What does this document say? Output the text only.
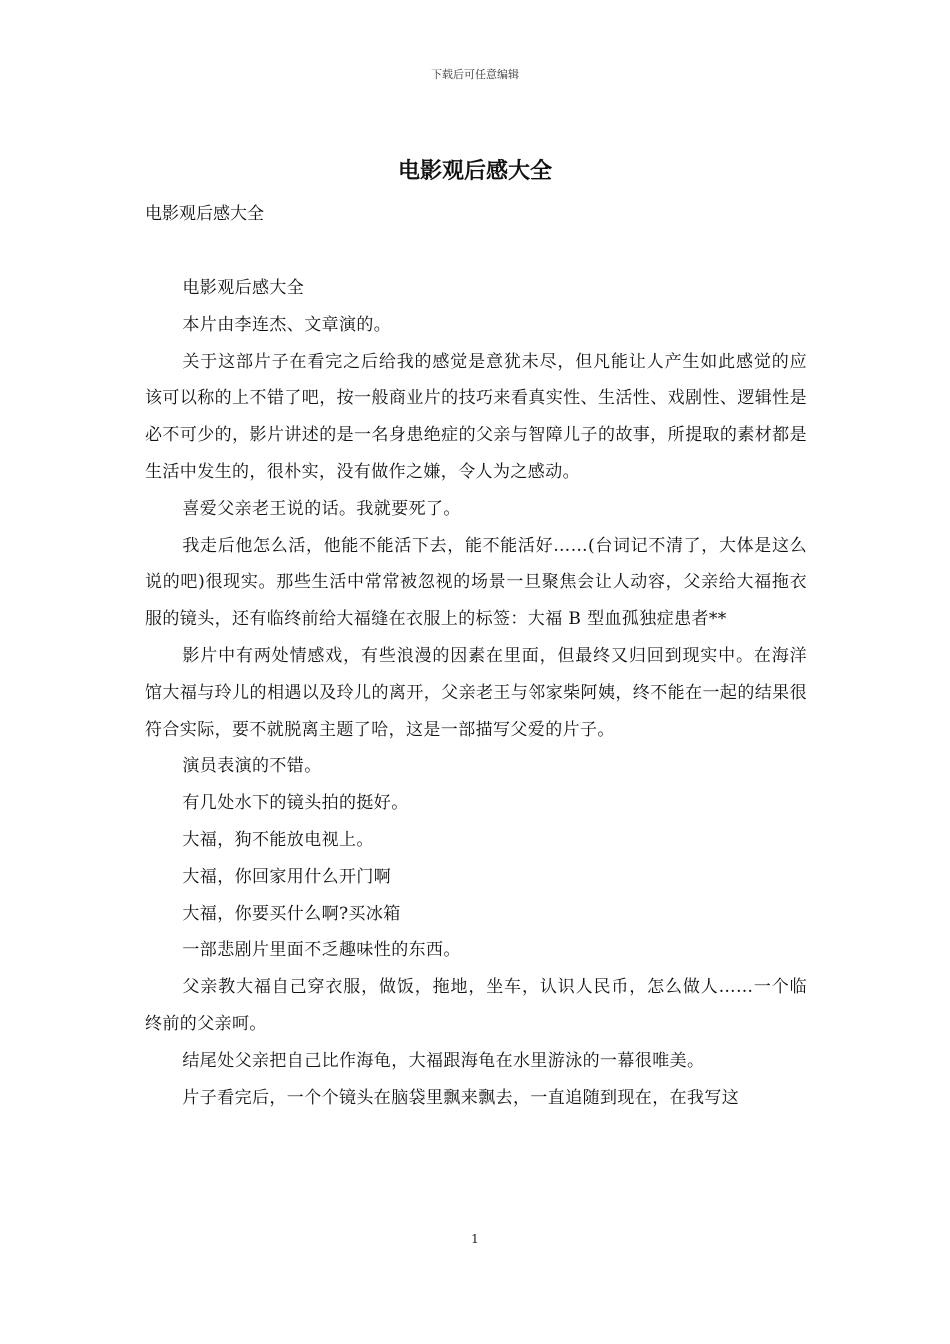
下载后可任意编辑
电影观后感大全
电影观后感大全

电影观后感大全

本片由李连杰、文章演的。

关于这部片子在看完之后给我的感觉是意犹未尽，但凡能让人产生如此感觉的应该可以称的上不错了吧，按一般商业片的技巧来看真实性、生活性、戏剧性、逻辑性是必不可少的，影片讲述的是一名身患绝症的父亲与智障儿子的故事，所提取的素材都是生活中发生的，很朴实，没有做作之嫌，令人为之感动。

喜爱父亲老王说的话。我就要死了。

我走后他怎么活，他能不能活下去，能不能活好……(台词记不清了，大体是这么说的吧)很现实。那些生活中常常被忽视的场景一旦聚焦会让人动容，父亲给大福拖衣服的镜头，还有临终前给大福缝在衣服上的标签：大福 B 型血孤独症患者**

影片中有两处情感戏，有些浪漫的因素在里面，但最终又归回到现实中。在海洋馆大福与玲儿的相遇以及玲儿的离开，父亲老王与邻家柴阿姨，终不能在一起的结果很符合实际，要不就脱离主题了哈，这是一部描写父爱的片子。

演员表演的不错。

有几处水下的镜头拍的挺好。

大福，狗不能放电视上。

大福，你回家用什么开门啊

大福，你要买什么啊?买冰箱

一部悲剧片里面不乏趣味性的东西。

父亲教大福自己穿衣服，做饭，拖地，坐车，认识人民币，怎么做人……一个临终前的父亲呵。

结尾处父亲把自己比作海龟，大福跟海龟在水里游泳的一幕很唯美。

片子看完后，一个个镜头在脑袋里飘来飘去，一直追随到现在，在我写这

1
